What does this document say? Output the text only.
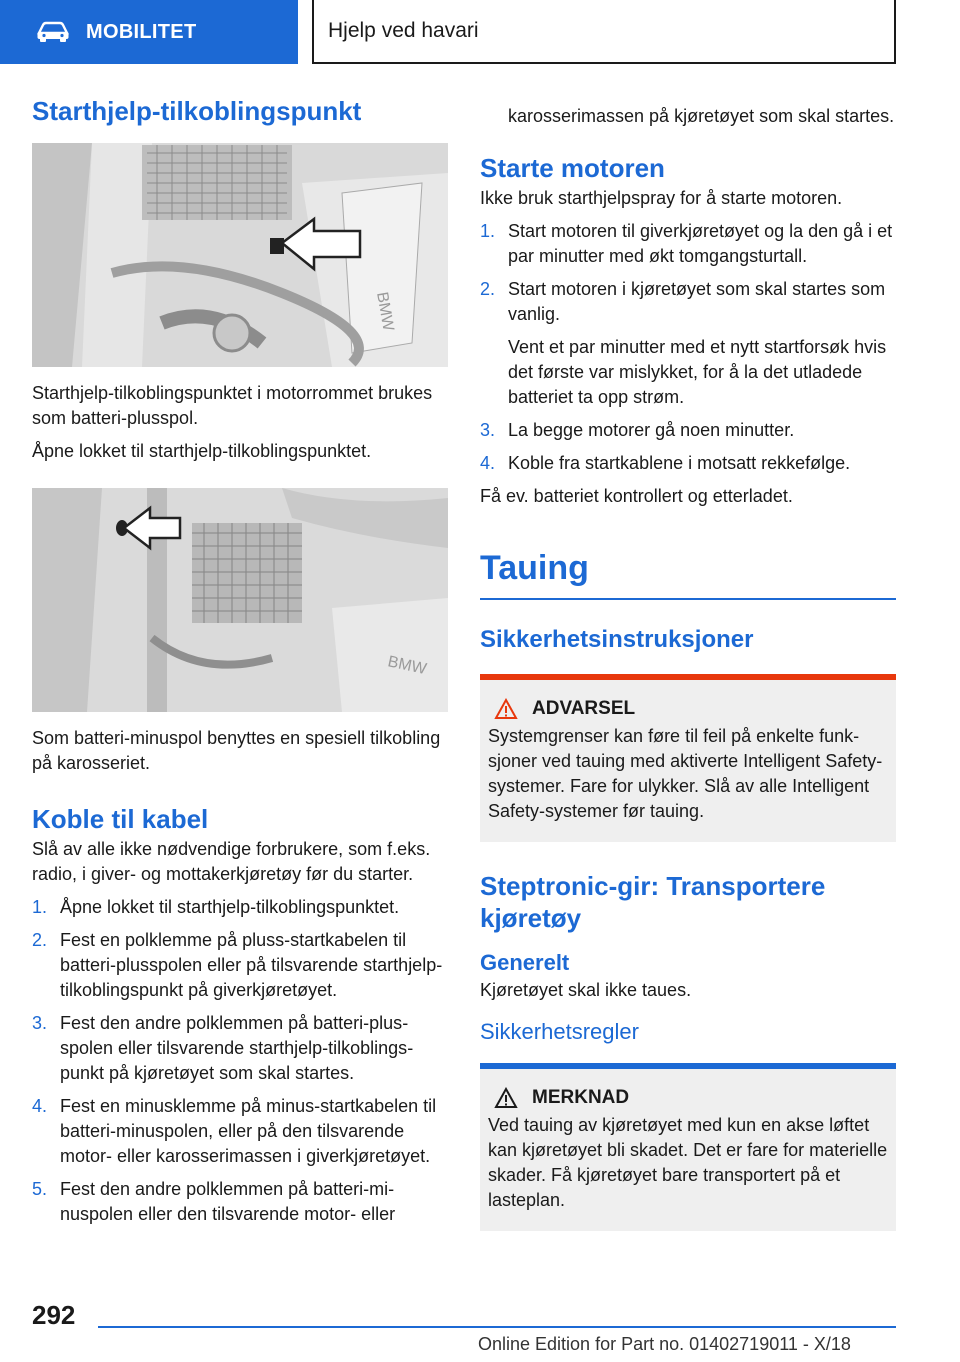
MOBILITET	Hjelp ved havari
Starthjelp-tilkoblingspunkt
BMW

Starthjelp-tilkoblingspunktet i motorrommet brukes som batteri-plusspol.

Åpne lokket til starthjelp-tilkoblingspunktet.

BMW

Som batteri-minuspol benyttes en spesiell tilkobling på karosseriet.

Koble til kabel

Slå av alle ikke nødvendige forbrukere, som f.eks. radio, i giver- og mottakerkjøretøy før du starter.

1. Åpne lokket til starthjelp-tilkoblingspunktet.
2. Fest en polklemme på pluss-startkabelen til batteri-plusspolen eller på tilsvarende starthjelp-tilkoblingspunkt på giverkjøretøyet.
3. Fest den andre polklemmen på batteri-plusspolen eller tilsvarende starthjelp-tilkoblingspunkt på kjøretøyet som skal startes.
4. Fest en minusklemme på minus-startkabelen til batteri-minuspolen, eller på den tilsvarende motor- eller karosserimassen i giverkjøretøyet.
5. Fest den andre polklemmen på batteri-minuspolen eller den tilsvarende motor- eller

karosserimassen på kjøretøyet som skal startes.

Starte motoren

Ikke bruk starthjelpspray for å starte motoren.

1. Start motoren til giverkjøretøyet og la den gå i et par minutter med økt tomgangsturtall.
2. Start motoren i kjøretøyet som skal startes som vanlig.
Vent et par minutter med et nytt startforsøk hvis det første var mislykket, for å la det utladede batteriet ta opp strøm.
3. La begge motorer gå noen minutter.
4. Koble fra startkablene i motsatt rekkefølge.

Få ev. batteriet kontrollert og etterladet.

Tauing
Sikkerhetsinstruksjoner
ADVARSEL

Systemgrenser kan føre til feil på enkelte funksjoner ved tauing med aktiverte Intelligent Safety-systemer. Fare for ulykker. Slå av alle Intelligent Safety-systemer før tauing.

Steptronic-gir: Transportere kjøretøy
Generelt

Kjøretøyet skal ikke taues.

Sikkerhetsregler
MERKNAD

Ved tauing av kjøretøyet med kun en akse løftet kan kjøretøyet bli skadet. Det er fare for materielle skader. Få kjøretøyet bare transportert på et lasteplan.

292
Online Edition for Part no. 01402719011 - X/18
